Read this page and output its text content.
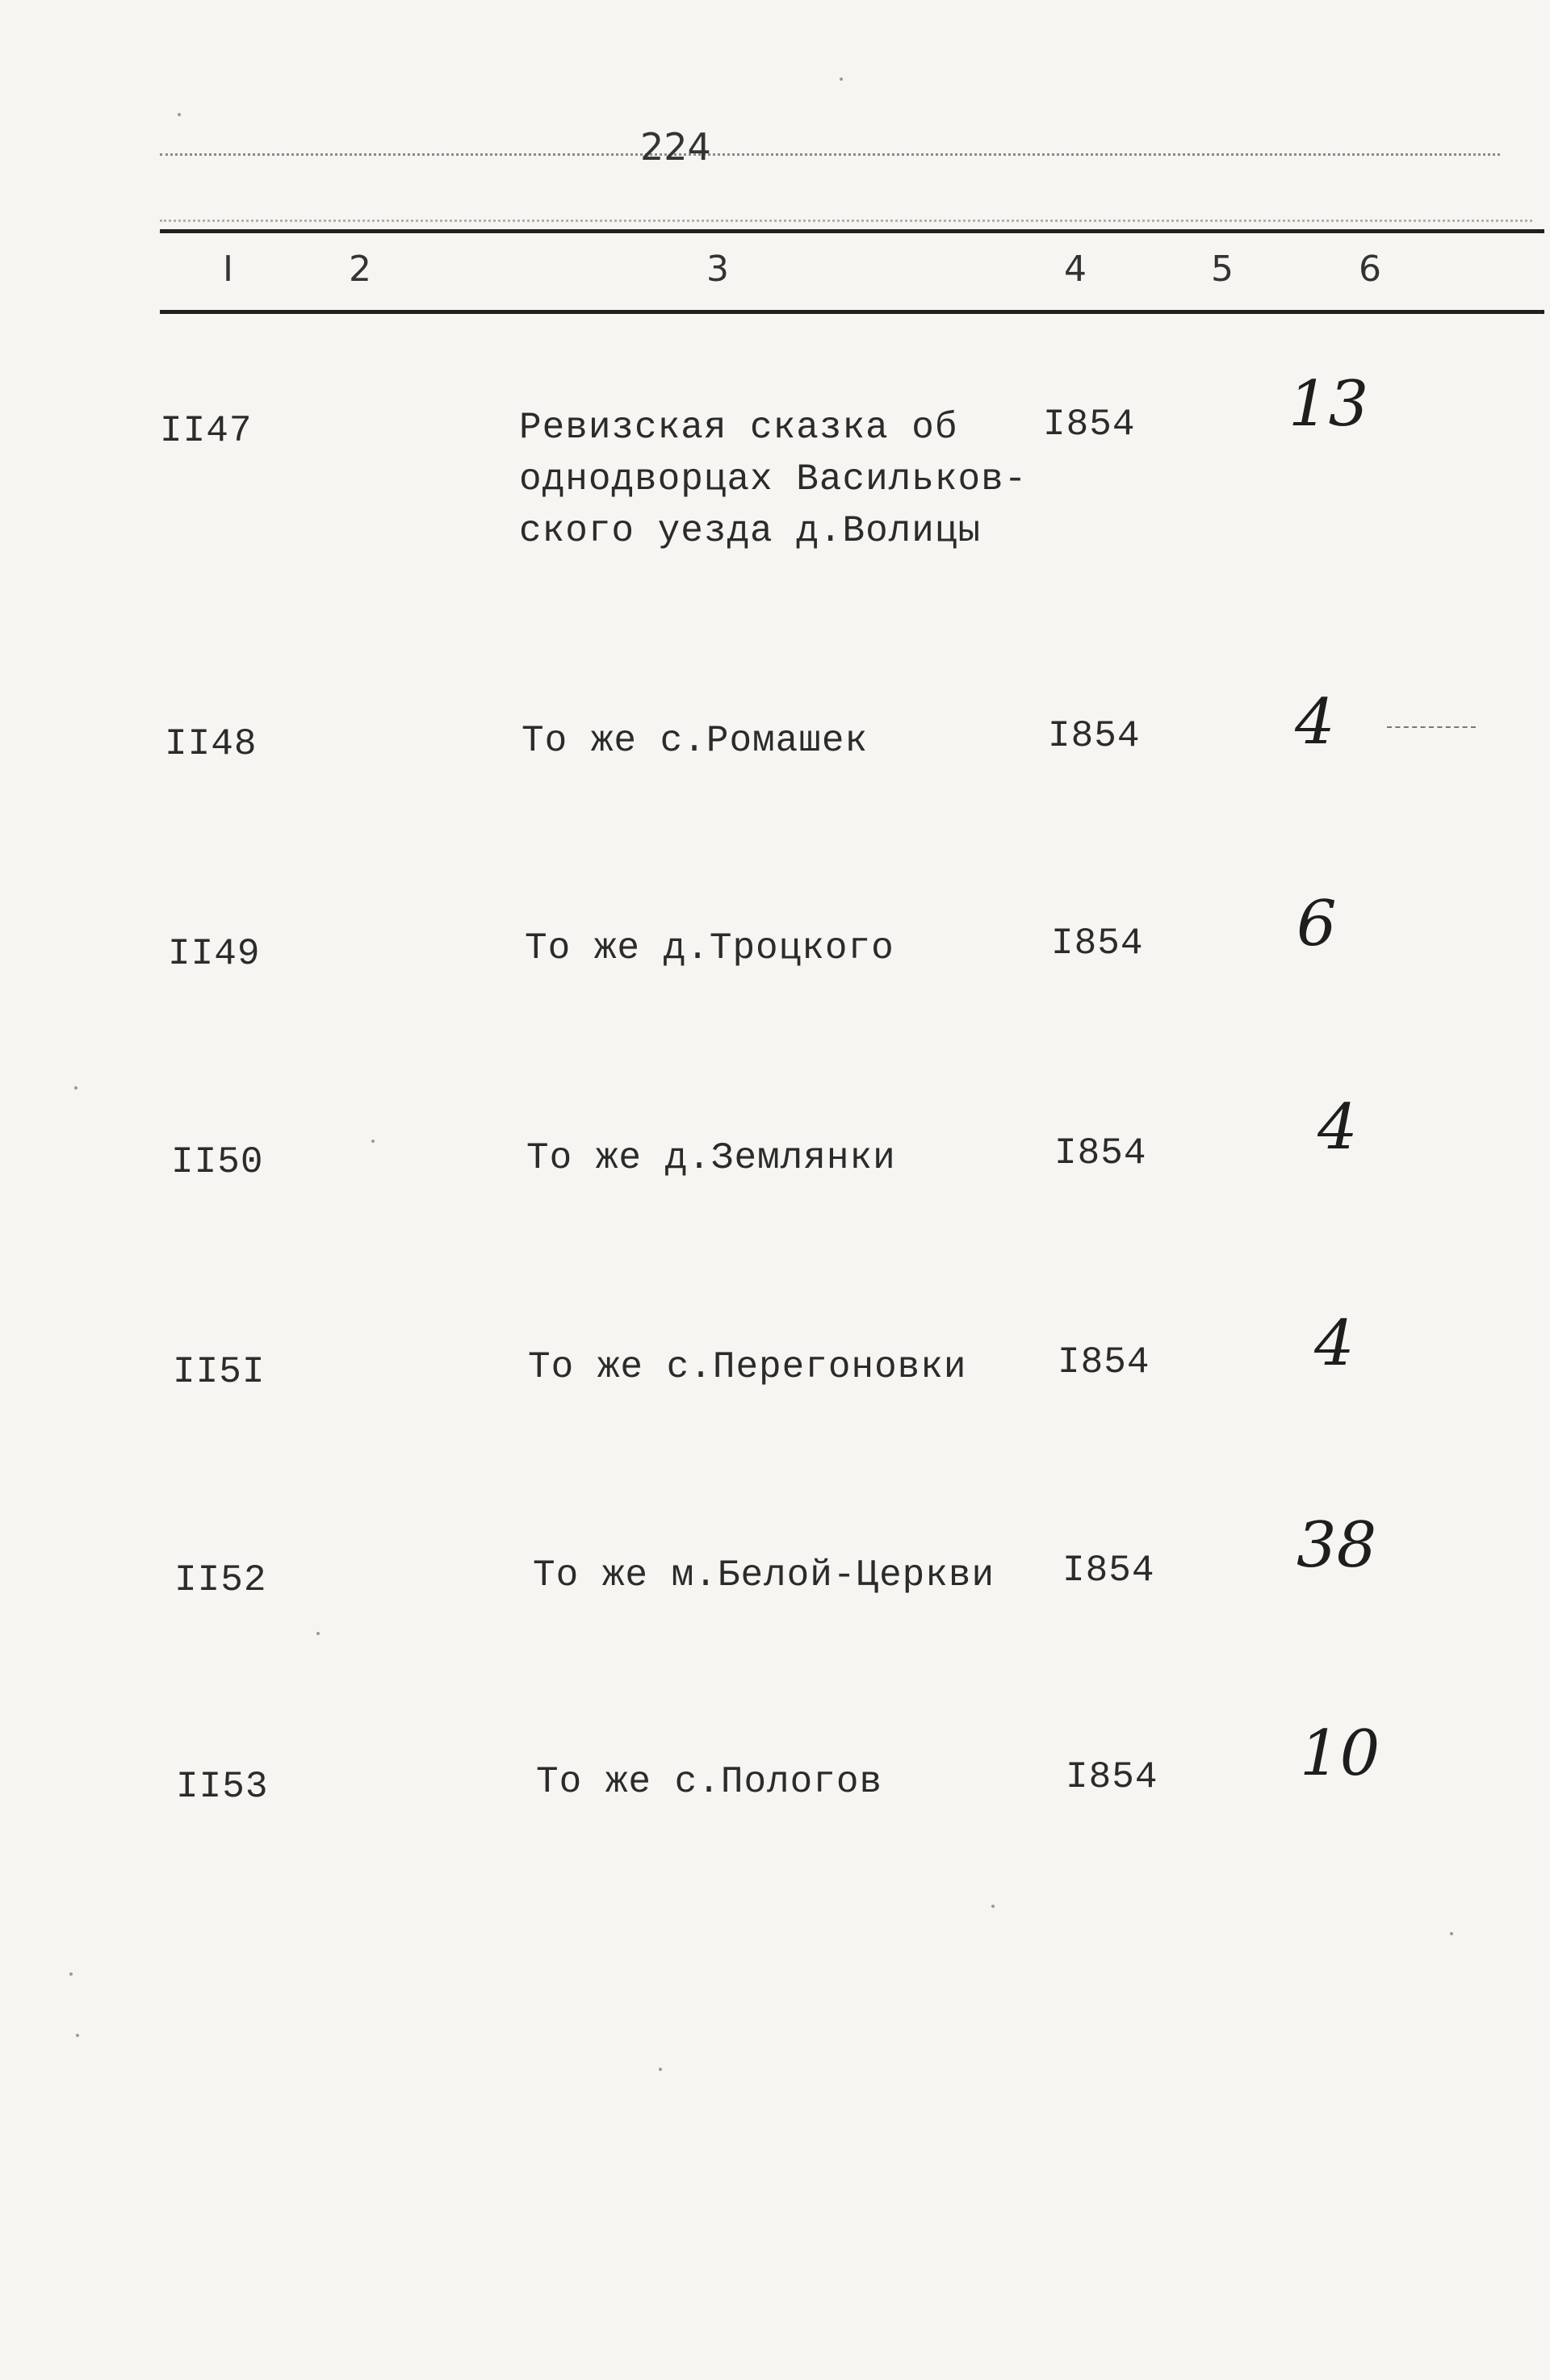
224
I	2	3	4	5	6
II47	Ревизская сказка об
однодворцах Васильков-
ского уезда д.Волицы
I854 13
II48	То же с.Ромашек	I854 4
II49	То же д.Троцкого	I854 6
II50	То же д.Землянки	I854	4
II5I	То же с.Перегоновки I854	4
II52	То же м.Белой-Церкви I854 38
II53	То же с.Пологов	I854 10
